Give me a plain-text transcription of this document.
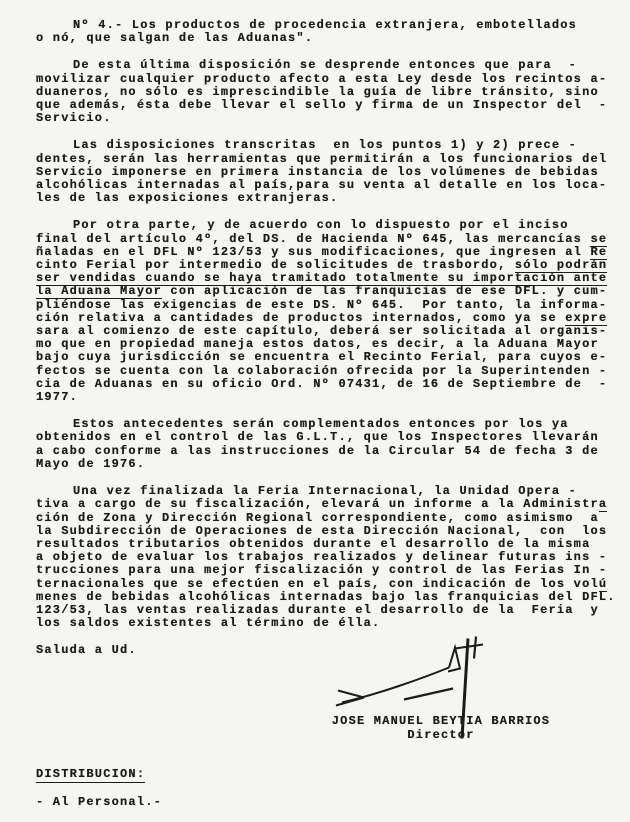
Nº 4.- Los productos de procedencia extranjera, embotellados
o nó, que salgan de las Aduanas".
De esta última disposición se desprende entonces que para  -
movilizar cualquier producto afecto a esta Ley desde los recintos a-
duaneros, no sólo es imprescindible la guía de libre tránsito, sino
que además, ésta debe llevar el sello y firma de un Inspector del  -
Servicio.
Las disposiciones transcritas  en los puntos 1) y 2) prece -
dentes, serán las herramientas que permitirán a los funcionarios del
Servicio imponerse en primera instancia de los volúmenes de bebidas
alcohólicas internadas al país,para su venta al detalle en los loca-
les de las exposiciones extranjeras.
Por otra parte, y de acuerdo con lo dispuesto por el inciso
final del artículo 4º, del DS. de Hacienda Nº 645, las mercancías se
ñaladas en el DFL Nº 123/53 y sus modificaciones, que ingresen al Re
cinto Ferial por intermedio de solicitudes de trasbordo, sólo podrán
ser vendidas cuando se haya tramitado totalmente su importación ante
la Aduana Mayor con aplicación de las franquicias de ese DFL. y cum-
pliéndose las exigencias de este DS. Nº 645.  Por tanto, la informa-
ción relativa a cantidades de productos internados, como ya se expre
sara al comienzo de este capítulo, deberá ser solicitada al organis-
mo que en propiedad maneja estos datos, es decir, a la Aduana Mayor
bajo cuya jurisdicción se encuentra el Recinto Ferial, para cuyos e-
fectos se cuenta con la colaboración ofrecida por la Superintenden -
cia de Aduanas en su oficio Ord. Nº 07431, de 16 de Septiembre de  -
1977.
Estos antecedentes serán complementados entonces por los ya
obtenidos en el control de las G.L.T., que los Inspectores llevarán
a cabo conforme a las instrucciones de la Circular 54 de fecha 3 de
Mayo de 1976.
Una vez finalizada la Feria Internacional, la Unidad Opera -
tiva a cargo de su fiscalización, elevará un informe a la Administra
ción de Zona y Dirección Regional correspondiente, como asimismo  a
la Subdirección de Operaciones de esta Dirección Nacional,  con  los
resultados tributarios obtenidos durante el desarrollo de la misma
a objeto de evaluar los trabajos realizados y delinear futuras ins -
trucciones para una mejor fiscalización y control de las Ferias In -
ternacionales que se efectúen en el país, con indicación de los volú
menes de bebidas alcohólicas internadas bajo las franquicias del DFL.
123/53, las ventas realizadas durante el desarrollo de la  Feria  y
los saldos existentes al término de élla.
Saluda a Ud.
JOSE MANUEL BEYTIA BARRIOS
Director
DISTRIBUCION:
- Al Personal.-
